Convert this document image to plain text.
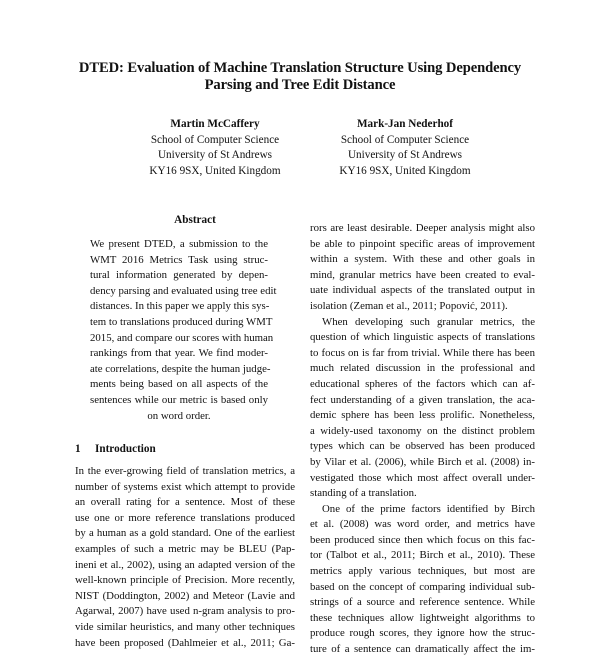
DTED: Evaluation of Machine Translation Structure Using Dependency
Parsing and Tree Edit Distance
Martin McCaffery
School of Computer Science
University of St Andrews
KY16 9SX, United Kingdom
Mark-Jan Nederhof
School of Computer Science
University of St Andrews
KY16 9SX, United Kingdom
Abstract
We present DTED, a submission to the
WMT 2016 Metrics Task using struc-
tural information generated by depen-
dency parsing and evaluated using tree edit
distances. In this paper we apply this sys-
tem to translations produced during WMT
2015, and compare our scores with human
rankings from that year. We find moder-
ate correlations, despite the human judge-
ments being based on all aspects of the
sentences while our metric is based only
on word order.
1 Introduction
In the ever-growing field of translation metrics, a
number of systems exist which attempt to provide
an overall rating for a sentence. Most of these
use one or more reference translations produced
by a human as a gold standard. One of the earliest
examples of such a metric may be BLEU (Pap-
ineni et al., 2002), using an adapted version of the
well-known principle of Precision. More recently,
NIST (Doddington, 2002) and Meteor (Lavie and
Agarwal, 2007) have used n-gram analysis to pro-
vide similar heuristics, and many other techniques
have been proposed (Dahlmeier et al., 2011; Ga-
rors are least desirable. Deeper analysis might also
be able to pinpoint specific areas of improvement
within a system. With these and other goals in
mind, granular metrics have been created to eval-
uate individual aspects of the translated output in
isolation (Zeman et al., 2011; Popović, 2011).
When developing such granular metrics, the
question of which linguistic aspects of translations
to focus on is far from trivial. While there has been
much related discussion in the professional and
educational spheres of the factors which can af-
fect understanding of a given translation, the aca-
demic sphere has been less prolific. Nonetheless,
a widely-used taxonomy on the distinct problem
types which can be observed has been produced
by Vilar et al. (2006), while Birch et al. (2008) in-
vestigated those which most affect overall under-
standing of a translation.
One of the prime factors identified by Birch
et al. (2008) was word order, and metrics have
been produced since then which focus on this fac-
tor (Talbot et al., 2011; Birch et al., 2010). These
metrics apply various techniques, but most are
based on the concept of comparing individual sub-
strings of a source and reference sentence. While
these techniques allow lightweight algorithms to
produce rough scores, they ignore how the struc-
ture of a sentence can dramatically affect the im-
